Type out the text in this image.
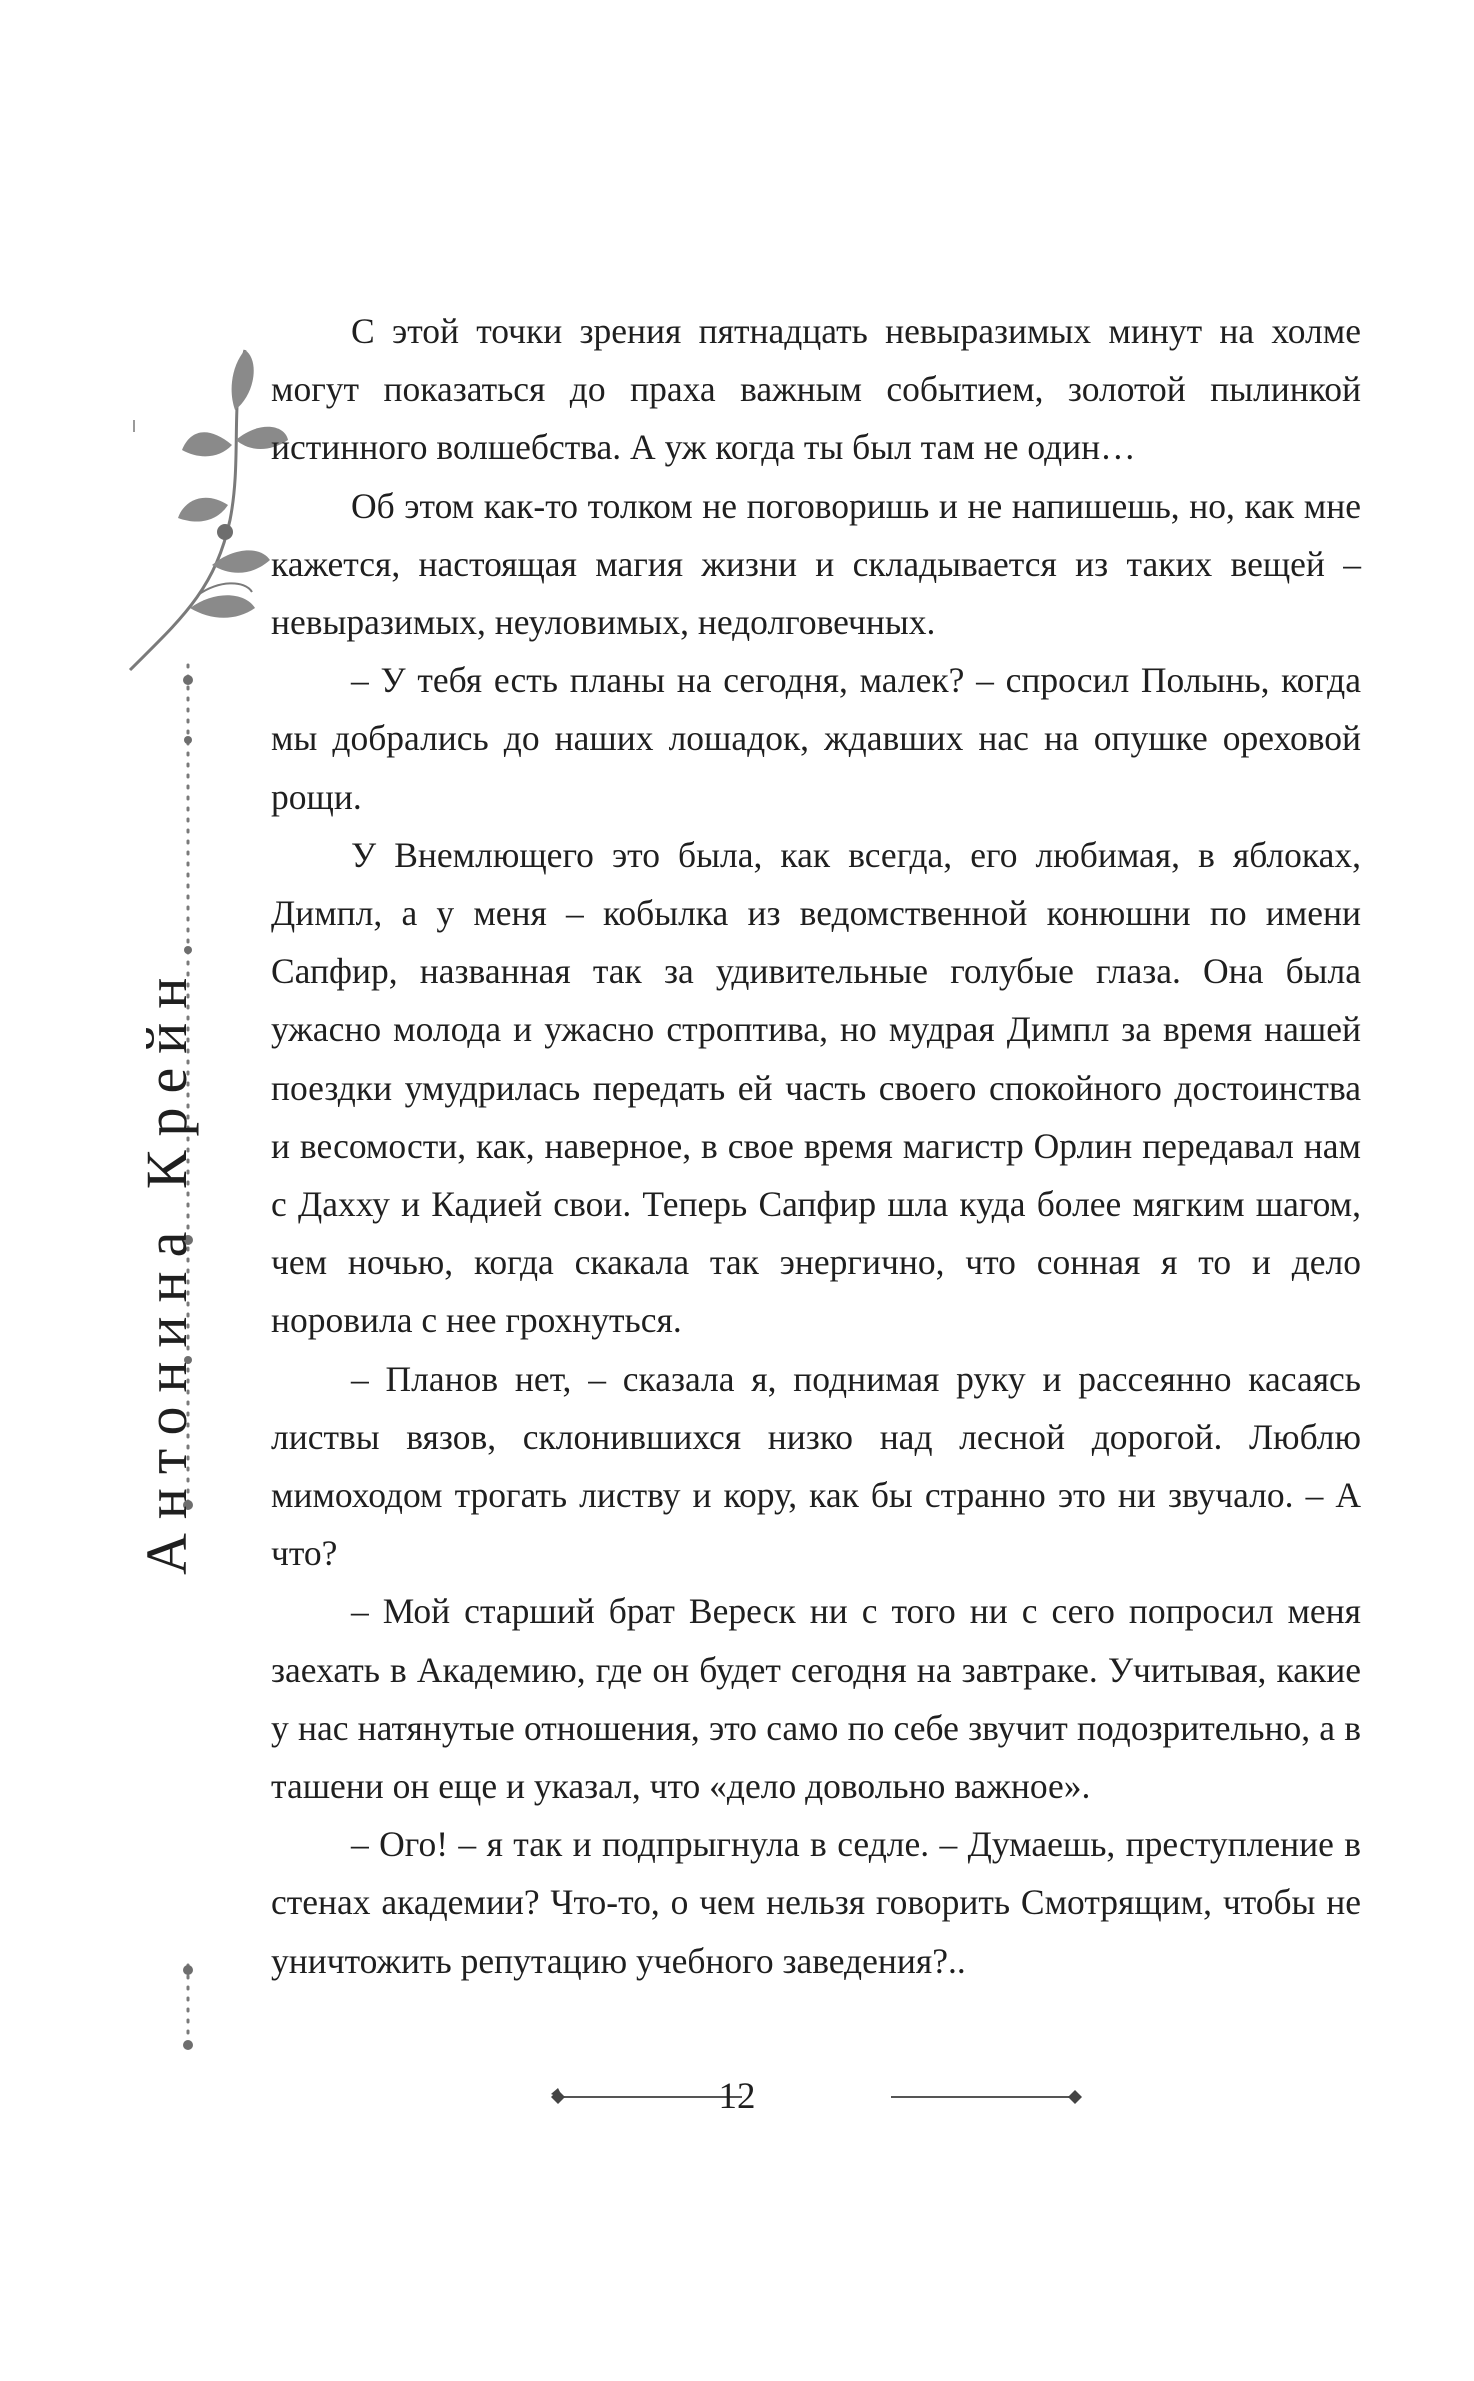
Антонина Крейн

С этой точки зрения пятнадцать невыразимых минут на холме могут показаться до праха важным событием, золотой пылинкой истинного волшебства. А уж когда ты был там не один…

Об этом как-то толком не поговоришь и не напишешь, но, как мне кажется, настоящая магия жизни и складывается из таких вещей – невыразимых, неуловимых, недолговечных.

– У тебя есть планы на сегодня, малек? – спросил Полынь, когда мы добрались до наших лошадок, ждавших нас на опушке ореховой рощи.

У Внемлющего это была, как всегда, его любимая, в яблоках, Димпл, а у меня – кобылка из ведомственной конюшни по имени Сапфир, названная так за удивительные голубые глаза. Она была ужасно молода и ужасно строптива, но мудрая Димпл за время нашей поездки умудрилась передать ей часть своего спокойного достоинства и весомости, как, наверное, в свое время магистр Орлин передавал нам с Дахху и Кадией свои. Теперь Сапфир шла куда более мягким шагом, чем ночью, когда скакала так энергично, что сонная я то и дело норовила с нее грохнуться.

– Планов нет, – сказала я, поднимая руку и рассеянно касаясь листвы вязов, склонившихся низко над лесной дорогой. Люблю мимоходом трогать листву и кору, как бы странно это ни звучало. – А что?

– Мой старший брат Вереск ни с того ни с сего попросил меня заехать в Академию, где он будет сегодня на завтраке. Учитывая, какие у нас натянутые отношения, это само по себе звучит подозрительно, а в ташени он еще и указал, что «дело довольно важное».

– Ого! – я так и подпрыгнула в седле. – Думаешь, преступление в стенах академии? Что-то, о чем нельзя говорить Смотрящим, чтобы не уничтожить репутацию учебного заведения?..

12
